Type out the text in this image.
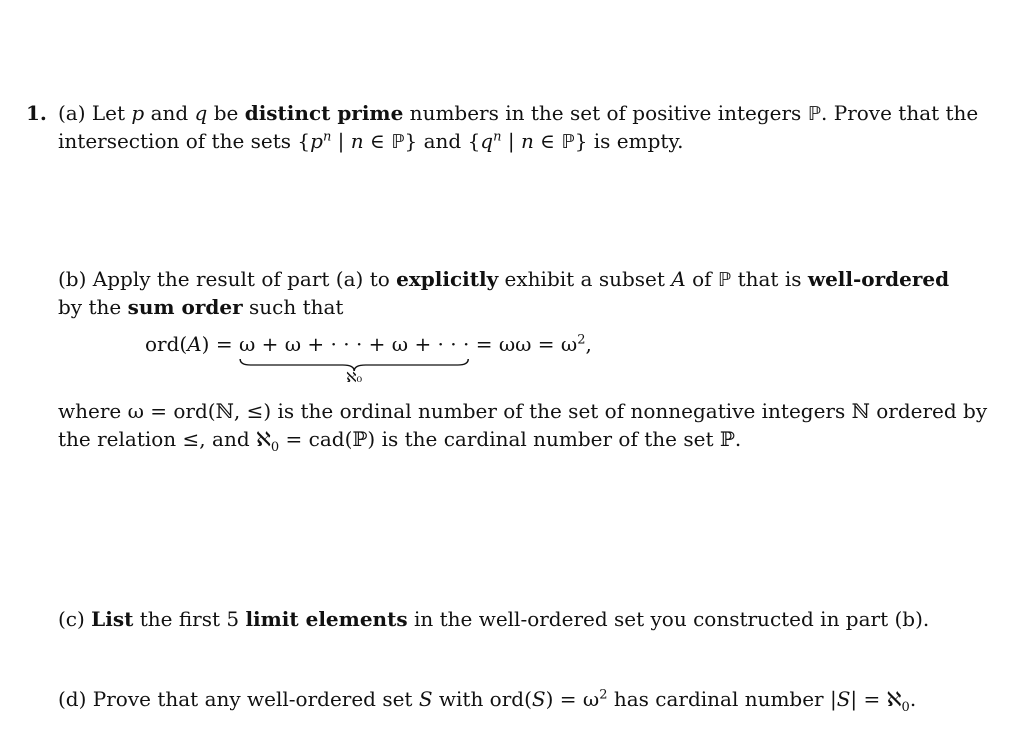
1. (a) Let p and q be distinct prime numbers in the set of positive integers ℙ. Prove that the
intersection of the sets {$p^n$ | n ∈ ℙ} and {$q^n$ | n ∈ ℙ} is empty.
(b) Apply the result of part (a) to explicitly exhibit a subset A of ℙ that is well-ordered
by the sum order such that
ord(A) = ω + ω + · · · + ω + · · ·
ℵ₀
= $\omega\omega = \omega^2$,
where ω = ord(ℕ, ≤) is the ordinal number of the set of nonnegative integers ℕ ordered by
the relation ≤, and ℵ$_0$ = cad(ℙ) is the cardinal number of the set ℙ.
(c) List the first 5 limit elements in the well-ordered set you constructed in part (b).
(d) Prove that any well-ordered set S with $ord(S) = \omega^2$ has cardinal number |S| = ℵ$_0$.
